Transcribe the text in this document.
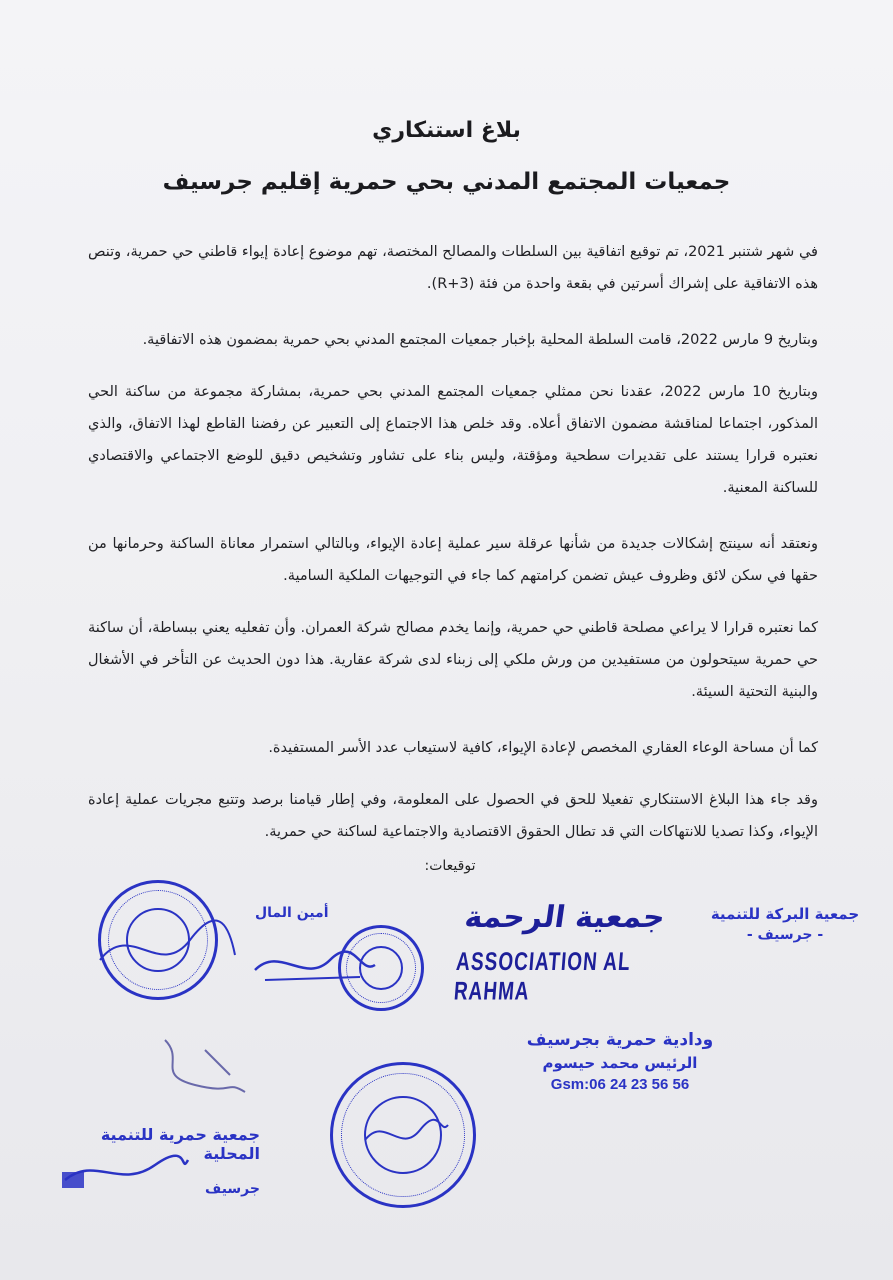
بلاغ استنكاري
جمعيات المجتمع المدني بحي حمرية إقليم جرسيف

في شهر شتنبر 2021، تم توقيع اتفاقية بين السلطات والمصالح المختصة، تهم موضوع إعادة إيواء قاطني حي حمرية، وتنص هذه الاتفاقية على إشراك أسرتين في بقعة واحدة من فئة (R+3).

وبتاريخ 9 مارس 2022، قامت السلطة المحلية بإخبار جمعيات المجتمع المدني بحي حمرية بمضمون هذه الاتفاقية.

وبتاريخ 10 مارس 2022، عقدنا نحن ممثلي جمعيات المجتمع المدني بحي حمرية، بمشاركة مجموعة من ساكنة الحي المذكور، اجتماعا لمناقشة مضمون الاتفاق أعلاه. وقد خلص هذا الاجتماع إلى التعبير عن رفضنا القاطع لهذا الاتفاق، والذي نعتبره قرارا يستند على تقديرات سطحية ومؤقتة، وليس بناء على تشاور وتشخيص دقيق للوضع الاجتماعي والاقتصادي للساكنة المعنية.

ونعتقد أنه سينتج إشكالات جديدة من شأنها عرقلة سير عملية إعادة الإيواء، وبالتالي استمرار معاناة الساكنة وحرمانها من حقها في سكن لائق وظروف عيش تضمن كرامتهم كما جاء في التوجيهات الملكية السامية.

كما نعتبره قرارا لا يراعي مصلحة قاطني حي حمرية، وإنما يخدم مصالح شركة العمران. وأن تفعليه يعني ببساطة، أن ساكنة حي حمرية سيتحولون من مستفيدين من ورش ملكي إلى زبناء لدى شركة عقارية. هذا دون الحديث عن التأخر في الأشغال والبنية التحتية السيئة.

كما أن مساحة الوعاء العقاري المخصص لإعادة الإيواء، كافية لاستيعاب عدد الأسر المستفيدة.

وقد جاء هذا البلاغ الاستنكاري تفعيلا للحق في الحصول على المعلومة، وفي إطار قيامنا برصد وتتبع مجريات عملية إعادة الإيواء، وكذا تصديا للانتهاكات التي قد تطال الحقوق الاقتصادية والاجتماعية لساكنة حي حمرية.

توقيعات:
أمين المال	جمعية الرحمة
ASSOCIATION AL RAHMA
جمعية البركة للتنمية
- جرسيف -
ودادية حمرية بجرسيف
الرئيس محمد حيسوم
Gsm:06 24 23 56 56
جمعية حمرية للتنمية المحلية
جرسيف
